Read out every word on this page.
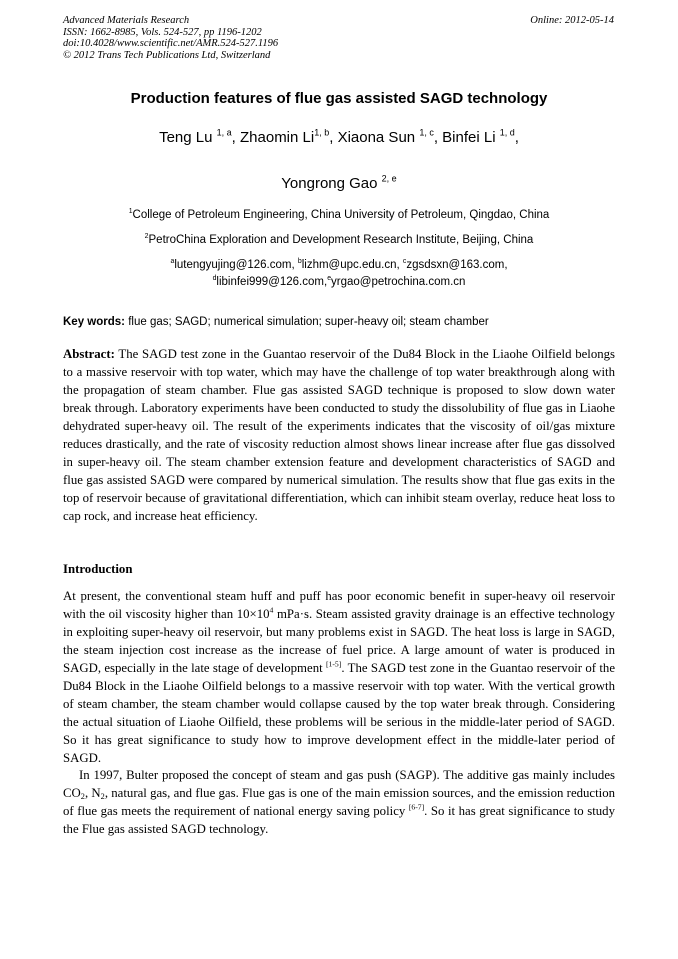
Advanced Materials Research
ISSN: 1662-8985, Vols. 524-527, pp 1196-1202
doi:10.4028/www.scientific.net/AMR.524-527.1196
© 2012 Trans Tech Publications Ltd, Switzerland
Online: 2012-05-14
Production features of flue gas assisted SAGD technology
Teng Lu $^{1, a}$, Zhaomin Li$^{1, b}$, Xiaona Sun $^{1, c}$, Binfei Li $^{1, d}$,
Yongrong Gao $^{2, e}$
$^1$College of Petroleum Engineering, China University of Petroleum, Qingdao, China
$^2$PetroChina Exploration and Development Research Institute, Beijing, China
$^a$lutengyujing@126.com, $^b$lizhm@upc.edu.cn, $^c$zgsdsxn@163.com,
$^d$libinfei999@126.com,$^e$yrgao@petrochina.com.cn
Key words: flue gas; SAGD; numerical simulation; super-heavy oil; steam chamber

Abstract: The SAGD test zone in the Guantao reservoir of the Du84 Block in the Liaohe Oilfield belongs to a massive reservoir with top water, which may have the challenge of top water breakthrough along with the propagation of steam chamber. Flue gas assisted SAGD technique is proposed to slow down water break through. Laboratory experiments have been conducted to study the dissolubility of flue gas in Liaohe dehydrated super-heavy oil. The result of the experiments indicates that the viscosity of oil/gas mixture reduces drastically, and the rate of viscosity reduction almost shows linear increase after flue gas dissolved in super-heavy oil. The steam chamber extension feature and development characteristics of SAGD and flue gas assisted SAGD were compared by numerical simulation. The results show that flue gas exits in the top of reservoir because of gravitational differentiation, which can inhibit steam overlay, reduce heat loss to cap rock, and increase heat efficiency.

Introduction

At present, the conventional steam huff and puff has poor economic benefit in super-heavy oil reservoir with the oil viscosity higher than $10\times 10^4$ mPa·s. Steam assisted gravity drainage is an effective technology in exploiting super-heavy oil reservoir, but many problems exist in SAGD. The heat loss is large in SAGD, the steam injection cost increase as the increase of fuel price. A large amount of water is produced in SAGD, especially in the late stage of development [1-5]. The SAGD test zone in the Guantao reservoir of the Du84 Block in the Liaohe Oilfield belongs to a massive reservoir with top water. With the vertical growth of steam chamber, the steam chamber would collapse caused by the top water break through. Considering the actual situation of Liaohe Oilfield, these problems will be serious in the middle-later period of SAGD. So it has great significance to study how to improve development effect in the middle-later period of SAGD.

In 1997, Bulter proposed the concept of steam and gas push (SAGP). The additive gas mainly includes $CO_2$, $N_2$, natural gas, and flue gas. Flue gas is one of the main emission sources, and the emission reduction of flue gas meets the requirement of national energy saving policy [6-7]. So it has great significance to study the Flue gas assisted SAGD technology.
